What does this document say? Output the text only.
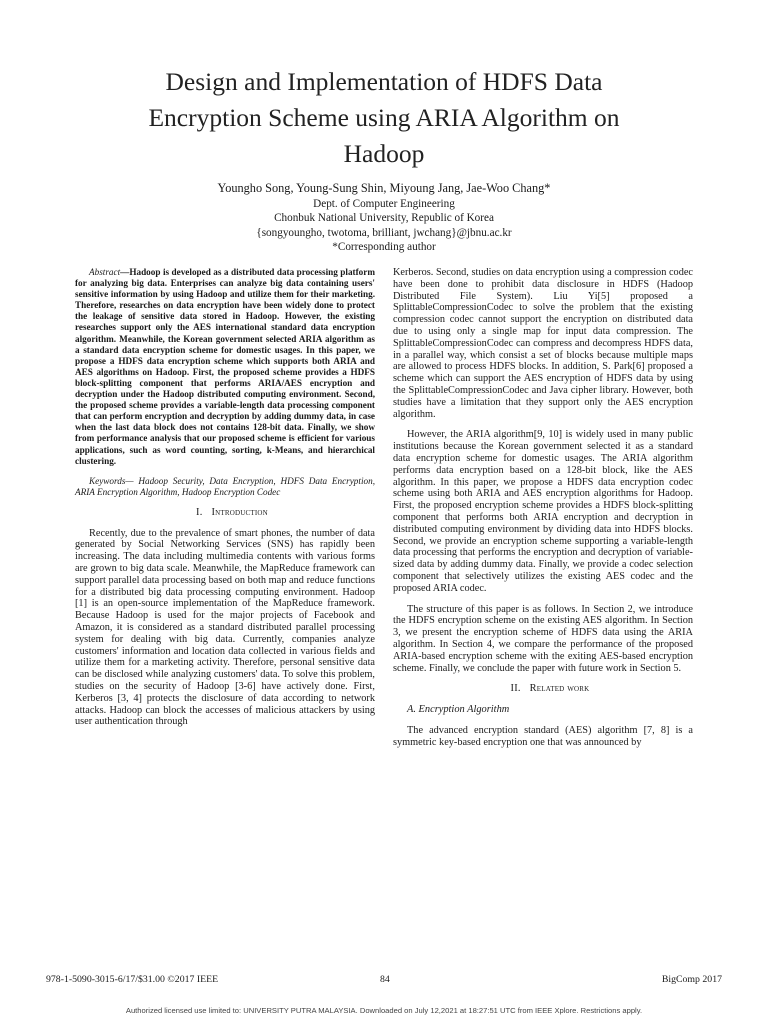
Design and Implementation of HDFS Data Encryption Scheme using ARIA Algorithm on Hadoop
Youngho Song, Young-Sung Shin, Miyoung Jang, Jae-Woo Chang*
Dept. of Computer Engineering
Chonbuk National University, Republic of Korea
{songyoungho, twotoma, brilliant, jwchang}@jbnu.ac.kr
*Corresponding author

Abstract—Hadoop is developed as a distributed data processing platform for analyzing big data. Enterprises can analyze big data containing users' sensitive information by using Hadoop and utilize them for their marketing. Therefore, researches on data encryption have been widely done to protect the leakage of sensitive data stored in Hadoop. However, the existing researches support only the AES international standard data encryption algorithm. Meanwhile, the Korean government selected ARIA algorithm as a standard data encryption scheme for domestic usages. In this paper, we propose a HDFS data encryption scheme which supports both ARIA and AES algorithms on Hadoop. First, the proposed scheme provides a HDFS block-splitting component that performs ARIA/AES encryption and decryption under the Hadoop distributed computing environment. Second, the proposed scheme provides a variable-length data processing component that can perform encryption and decryption by adding dummy data, in case when the last data block does not contains 128-bit data. Finally, we show from performance analysis that our proposed scheme is efficient for various applications, such as word counting, sorting, k-Means, and hierarchical clustering.

Keywords— Hadoop Security, Data Encryption, HDFS Data Encryption, ARIA Encryption Algorithm, Hadoop Encryption Codec

I. Introduction

Recently, due to the prevalence of smart phones, the number of data generated by Social Networking Services (SNS) has rapidly been increasing. The data including multimedia contents with various forms are grown to big data scale. Meanwhile, the MapReduce framework can support parallel data processing based on both map and reduce functions for a distributed big data processing computing environment. Hadoop [1] is an open-source implementation of the MapReduce framework. Because Hadoop is used for the major projects of Facebook and Amazon, it is considered as a standard distributed parallel processing system for dealing with big data. Currently, companies analyze customers' information and location data collected in various fields and utilize them for a marketing activity. Therefore, personal sensitive data can be disclosed while analyzing customers' data. To solve this problem, studies on the security of Hadoop [3-6] have actively done. First, Kerberos [3, 4] protects the disclosure of data according to network attacks. Hadoop can block the accesses of malicious attackers by using user authentication through

Kerberos. Second, studies on data encryption using a compression codec have been done to prohibit data disclosure in HDFS (Hadoop Distributed File System). Liu Yi[5] proposed a SplittableCompressionCodec to solve the problem that the existing compression codec cannot support the encryption on distributed data due to using only a single map for input data compression. The SplittableCompressionCodec can compress and decompress HDFS data, in a parallel way, which consist a set of blocks because multiple maps are allowed to process HDFS blocks. In addition, S. Park[6] proposed a scheme which can support the AES encryption of HDFS data by using the SplittableCompressionCodec and Java cipher library. However, both studies have a limitation that they support only the AES encryption algorithm.

However, the ARIA algorithm[9, 10] is widely used in many public institutions because the Korean government selected it as a standard data encryption scheme for domestic usages. The ARIA algorithm performs data encryption based on a 128-bit block, like the AES algorithm. In this paper, we propose a HDFS data encryption codec scheme using both ARIA and AES encryption algorithms for Hadoop. First, the proposed encryption scheme provides a HDFS block-splitting component that performs both ARIA encryption and decryption in distributed computing environment by dividing data into HDFS blocks. Second, we provide an encryption scheme supporting a variable-length data processing that performs the encryption and decryption of variable-sized data by adding dummy data. Finally, we provide a codec selection component that selectively utilizes the existing AES codec and the proposed ARIA codec.

The structure of this paper is as follows. In Section 2, we introduce the HDFS encryption scheme on the existing AES algorithm. In Section 3, we present the encryption scheme of HDFS data using the ARIA algorithm. In Section 4, we compare the performance of the proposed ARIA-based encryption scheme with the exiting AES-based encryption scheme. Finally, we conclude the paper with future work in Section 5.

II. Related work

A. Encryption Algorithm

The advanced encryption standard (AES) algorithm [7, 8] is a symmetric key-based encryption one that was announced by

978-1-5090-3015-6/17/$31.00 ©2017 IEEE	84	BigComp 2017
Authorized licensed use limited to: UNIVERSITY PUTRA MALAYSIA. Downloaded on July 12,2021 at 18:27:51 UTC from IEEE Xplore. Restrictions apply.
